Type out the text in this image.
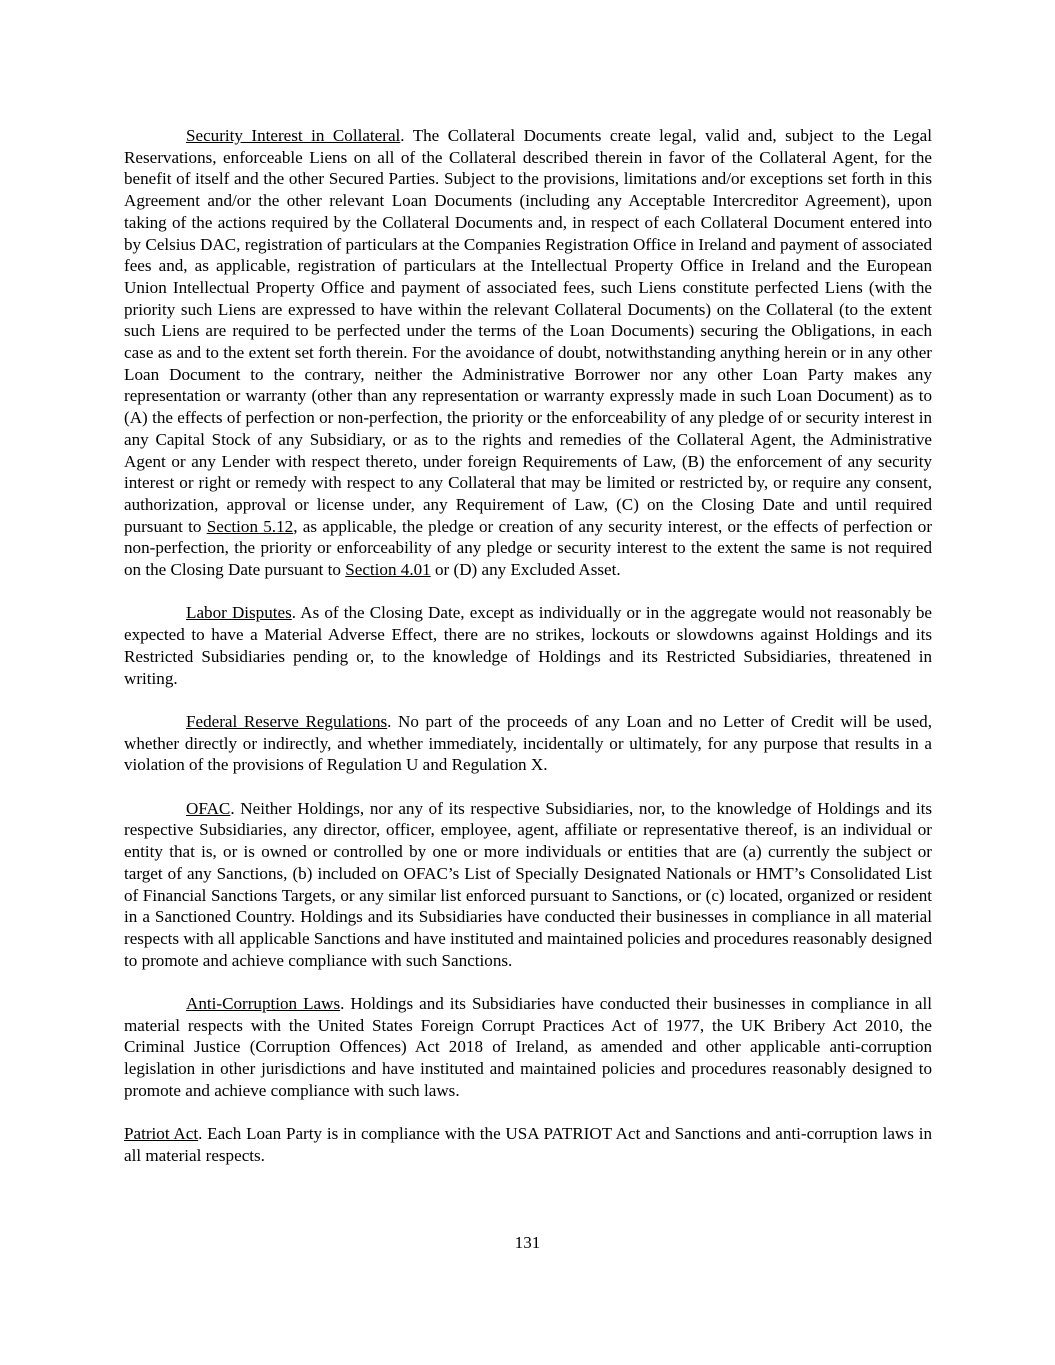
Security Interest in Collateral. The Collateral Documents create legal, valid and, subject to the Legal Reservations, enforceable Liens on all of the Collateral described therein in favor of the Collateral Agent, for the benefit of itself and the other Secured Parties. Subject to the provisions, limitations and/or exceptions set forth in this Agreement and/or the other relevant Loan Documents (including any Acceptable Intercreditor Agreement), upon taking of the actions required by the Collateral Documents and, in respect of each Collateral Document entered into by Celsius DAC, registration of particulars at the Companies Registration Office in Ireland and payment of associated fees and, as applicable, registration of particulars at the Intellectual Property Office in Ireland and the European Union Intellectual Property Office and payment of associated fees, such Liens constitute perfected Liens (with the priority such Liens are expressed to have within the relevant Collateral Documents) on the Collateral (to the extent such Liens are required to be perfected under the terms of the Loan Documents) securing the Obligations, in each case as and to the extent set forth therein. For the avoidance of doubt, notwithstanding anything herein or in any other Loan Document to the contrary, neither the Administrative Borrower nor any other Loan Party makes any representation or warranty (other than any representation or warranty expressly made in such Loan Document) as to (A) the effects of perfection or non-perfection, the priority or the enforceability of any pledge of or security interest in any Capital Stock of any Subsidiary, or as to the rights and remedies of the Collateral Agent, the Administrative Agent or any Lender with respect thereto, under foreign Requirements of Law, (B) the enforcement of any security interest or right or remedy with respect to any Collateral that may be limited or restricted by, or require any consent, authorization, approval or license under, any Requirement of Law, (C) on the Closing Date and until required pursuant to Section 5.12, as applicable, the pledge or creation of any security interest, or the effects of perfection or non-perfection, the priority or enforceability of any pledge or security interest to the extent the same is not required on the Closing Date pursuant to Section 4.01 or (D) any Excluded Asset.

Labor Disputes. As of the Closing Date, except as individually or in the aggregate would not reasonably be expected to have a Material Adverse Effect, there are no strikes, lockouts or slowdowns against Holdings and its Restricted Subsidiaries pending or, to the knowledge of Holdings and its Restricted Subsidiaries, threatened in writing.

Federal Reserve Regulations. No part of the proceeds of any Loan and no Letter of Credit will be used, whether directly or indirectly, and whether immediately, incidentally or ultimately, for any purpose that results in a violation of the provisions of Regulation U and Regulation X.

OFAC. Neither Holdings, nor any of its respective Subsidiaries, nor, to the knowledge of Holdings and its respective Subsidiaries, any director, officer, employee, agent, affiliate or representative thereof, is an individual or entity that is, or is owned or controlled by one or more individuals or entities that are (a) currently the subject or target of any Sanctions, (b) included on OFAC’s List of Specially Designated Nationals or HMT’s Consolidated List of Financial Sanctions Targets, or any similar list enforced pursuant to Sanctions, or (c) located, organized or resident in a Sanctioned Country. Holdings and its Subsidiaries have conducted their businesses in compliance in all material respects with all applicable Sanctions and have instituted and maintained policies and procedures reasonably designed to promote and achieve compliance with such Sanctions.

Anti-Corruption Laws. Holdings and its Subsidiaries have conducted their businesses in compliance in all material respects with the United States Foreign Corrupt Practices Act of 1977, the UK Bribery Act 2010, the Criminal Justice (Corruption Offences) Act 2018 of Ireland, as amended and other applicable anti-corruption legislation in other jurisdictions and have instituted and maintained policies and procedures reasonably designed to promote and achieve compliance with such laws.

Patriot Act. Each Loan Party is in compliance with the USA PATRIOT Act and Sanctions and anti-corruption laws in all material respects.

131
